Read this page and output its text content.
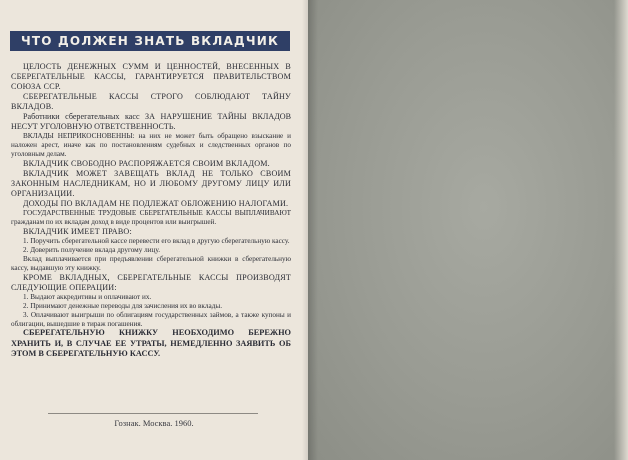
ЧТО ДОЛЖЕН ЗНАТЬ ВКЛАДЧИК

ЦЕЛОСТЬ ДЕНЕЖНЫХ СУММ И ЦЕННОСТЕЙ, ВНЕСЕННЫХ В СБЕРЕГАТЕЛЬНЫЕ КАССЫ, ГАРАНТИРУЕТСЯ ПРАВИТЕЛЬСТВОМ СОЮЗА ССР.

СБЕРЕГАТЕЛЬНЫЕ КАССЫ СТРОГО СОБЛЮДАЮТ ТАЙНУ ВКЛАДОВ.

Работники сберегательных касс ЗА НАРУШЕНИЕ ТАЙНЫ ВКЛАДОВ НЕСУТ УГОЛОВНУЮ ОТВЕТСТВЕННОСТЬ.

ВКЛАДЫ НЕПРИКОСНОВЕННЫ: на них не может быть обращено взыскание и наложен арест, иначе как по постановлениям судебных и следственных органов по уголовным делам.

ВКЛАДЧИК СВОБОДНО РАСПОРЯЖАЕТСЯ СВОИМ ВКЛАДОМ.

ВКЛАДЧИК МОЖЕТ ЗАВЕЩАТЬ ВКЛАД НЕ ТОЛЬКО СВОИМ ЗАКОННЫМ НАСЛЕДНИКАМ, НО И ЛЮБОМУ ДРУГОМУ ЛИЦУ ИЛИ ОРГАНИЗАЦИИ.

ДОХОДЫ ПО ВКЛАДАМ НЕ ПОДЛЕЖАТ ОБЛОЖЕНИЮ НАЛОГАМИ.

ГОСУДАРСТВЕННЫЕ ТРУДОВЫЕ СБЕРЕГАТЕЛЬНЫЕ КАССЫ ВЫПЛАЧИВАЮТ гражданам по их вкладам доход в виде процентов или выигрышей.

ВКЛАДЧИК ИМЕЕТ ПРАВО:

1. Поручить сберегательной кассе перевести его вклад в другую сберегательную кассу.

2. Доверить получение вклада другому лицу.

Вклад выплачивается при предъявлении сберегательной книжки в сберегательную кассу, выдавшую эту книжку.

КРОМЕ ВКЛАДНЫХ, СБЕРЕГАТЕЛЬНЫЕ КАССЫ ПРОИЗВОДЯТ СЛЕДУЮЩИЕ ОПЕРАЦИИ:

1. Выдают аккредитивы и оплачивают их.

2. Принимают денежные переводы для зачисления их во вклады.

3. Оплачивают выигрыши по облигациям государственных займов, а также купоны и облигации, вышедшие в тираж погашения.

СБЕРЕГАТЕЛЬНУЮ КНИЖКУ НЕОБХОДИМО БЕРЕЖНО ХРАНИТЬ И, В СЛУЧАЕ ЕЕ УТРАТЫ, НЕМЕДЛЕННО ЗАЯВИТЬ ОБ ЭТОМ В СБЕРЕГАТЕЛЬНУЮ КАССУ.

Гознак. Москва. 1960.
